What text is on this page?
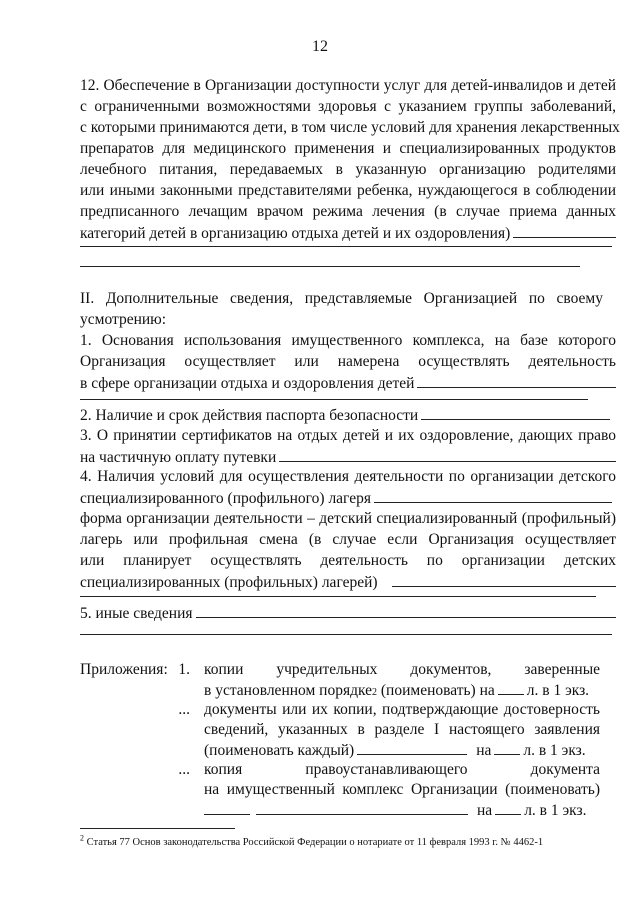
12
12. Обеспечение в Организации доступности услуг для детей-инвалидов и детей
с ограниченными возможностями здоровья с указанием группы заболеваний,
с которыми принимаются дети, в том числе условий для хранения лекарственных
препаратов для медицинского применения и специализированных продуктов
лечебного питания, передаваемых в указанную организацию родителями
или иными законными представителями ребенка, нуждающегося в соблюдении
предписанного лечащим врачом режима лечения (в случае приема данных
категорий детей в организацию отдыха детей и их оздоровления)
II.   Дополнительные   сведения,   представляемые   Организацией   по   своему
усмотрению:
1. Основания использования имущественного комплекса, на базе которого
Организация    осуществляет    или    намерена    осуществлять    деятельность
в сфере организации отдыха и оздоровления детей
2. Наличие и срок действия паспорта безопасности
3. О принятии сертификатов на отдых детей и их оздоровление, дающих право
на частичную оплату путевки
4. Наличия условий для осуществления деятельности по организации детского
специализированного (профильного) лагеря
форма организации деятельности – детский специализированный (профильный)
лагерь или профильная смена (в случае если Организация осуществляет
или    планирует    осуществлять    деятельность    по    организации    детских
специализированных (профильных) лагерей)
5. иные сведения
Приложения: 1. копии учредительных документов, заверенные
в установленном порядке 2 (поименовать) на л. в 1 экз.
... документы или их копии, подтверждающие достоверность
сведений, указанных в разделе I настоящего заявления
(поименовать каждый)	на л. в 1 экз.
... копия правоустанавливающего документа
на имущественный комплекс Организации (поименовать)
на л. в 1 экз.
$^2$ Статья 77 Основ законодательства Российской Федерации о нотариате от 11 февраля 1993 г. № 4462-1
